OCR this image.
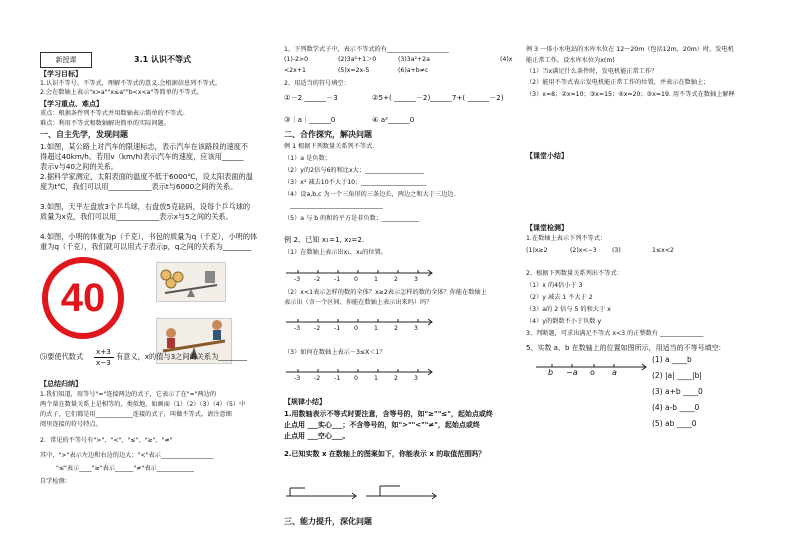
新授课	3.1 认识不等式
【学习目标】
1.认识不等号、不等式，理解不等式的意义,会根据信息列不等式。
2.会在数轴上表示"x>a""x≤a""b<x<a"等简单的不等式。
【学习重点、难点】
重点：根据条件列不等式并用数轴表示简单的不等式。
难点：利用不等式和数轴解决简单的实际问题。
一、自主先学，发现问题
1.如图，某公路上对汽车的限速标志，表示汽车在该路段的速度不
得超过40km/h。若用v（km/h)表示汽车的速度，应该用______
表示v与40之间的关系。
2.据科学家测定，太阳表面的温度不低于6000℃，设太阳表面的温
度为t℃，我们可以用____________表示t与6000之间的关系。
3.如图，天平左盘放3个乒乓球，右盘放5克砝码，设每个乒乓球的
质量为x克，我们可以用____________表示x与5之间的关系。
4.如图，小明的体重为p（千克），书包的质量为q（千克），小明的体
重为q（千克），我们就可以用式子表示p，q之间的关系为________
40
⑸要使代数式
x+3
x−3
有意义，x的值与3之间的关系为________
【总结归纳】
1.我们知道，用等号"="连接两边的式子，它表示了在"="两边的
两个量在数量关系上是相等的，类似地，如画面（1）（2）（3）（4）（5）中
的式子，它们都是用____________连接的式子，叫做不等式。请注意细
阅里连接的符号特点。
2．常见的不等号有">"、"<"、"≤"、"≥"、"≠"
其中，">"表示左边和右边的边大；"<"表示_________________
"≤"表示____"≥"表示______"≠"表示____________
自学检测：
1、下列数学式子中，表示不等式的有____________________
(1)-2>0	(2)3a²+1＞0	(3)3a²+2a	(4)x
<2x+1	(5)x=2x-5	(6)a+b≠c
2、用适当的符号填空：
①－2 ______－3	②5+( ______－2)______7+( ______－2)
③｜a｜______0	④ a²______0
二、合作探究，解决问题
例 1 根据下列数量关系列不等式.
（1）a 是负数；
（2）y的2倍与6的和比x大；___________________
（3）x² 减去10不大于10；_____________________
（4）设a,b,c 为一个三角形的三条边长，两边之和大于三边边.
______________________________
（5）a 与 b 的和的平方是非负数；____________
例 2、已知 x₁=1, x₂=2.
（1）在数轴上表示出x₁、x₂的位置。
-3 -2 -1 0	1	2	3
-3 -2 -1 0	1	2	3
-3 -2 -1 0	1	2	3
（2）x<1表示怎样的数的全体？x≥2表示怎样的数的全体？你能在数轴上
表示出（含一个区间、你能在数轴上表示出来吗）吗？
（3）如何在数轴上表示－3≤X＜1？
【规律小结】
1.用数轴表示不等式时要注意，含等号的，如"≥""≤"，起始点或终
止点用 ___实心___；不含等号的，如">""<""≠"，起始点或终
止点用 ___空心___。
2.已知实数 x 在数轴上的图案如下，你能表示 x 的取值范围吗？
三、能力提升，深化问题
例 3 一体小水电站的水库水位在 12～20m（包括12m，20m）时，发电机
能正常工作，设水库水位为x(m)
（1）当x满足什么条件时，发电机能正常工作？
（2）能用不等式表示发电机能正常工作的位置，并表示在数轴上；
（3）x=8；②x=10；③x=15；④x=20；⑤x=19. 用不等式在数轴上解释
【课堂小结】
【课堂检测】
1.在数轴上表示下列不等式：
(1)x≥2	(2)x<−3 (3)	1≤x<2
2、根据下列数量关系列出不等式：
（1）x 的4倍小于 3
（2）y 减去 1 不大于 2
（3）a的 2 倍与 5 的和大于 x
（4）y的倒数不小于负数 y
3、判断题，可求出满足不等式 x<3 的正整数有 ______________
5、实数 a、b 在数轴上的位置如图所示，用适当的不等号填空:
b −a o a
(1) a ____b
(2) |a| ____|b|
(3) a+b ____0
(4) a-b ____0
(5) ab ____0
